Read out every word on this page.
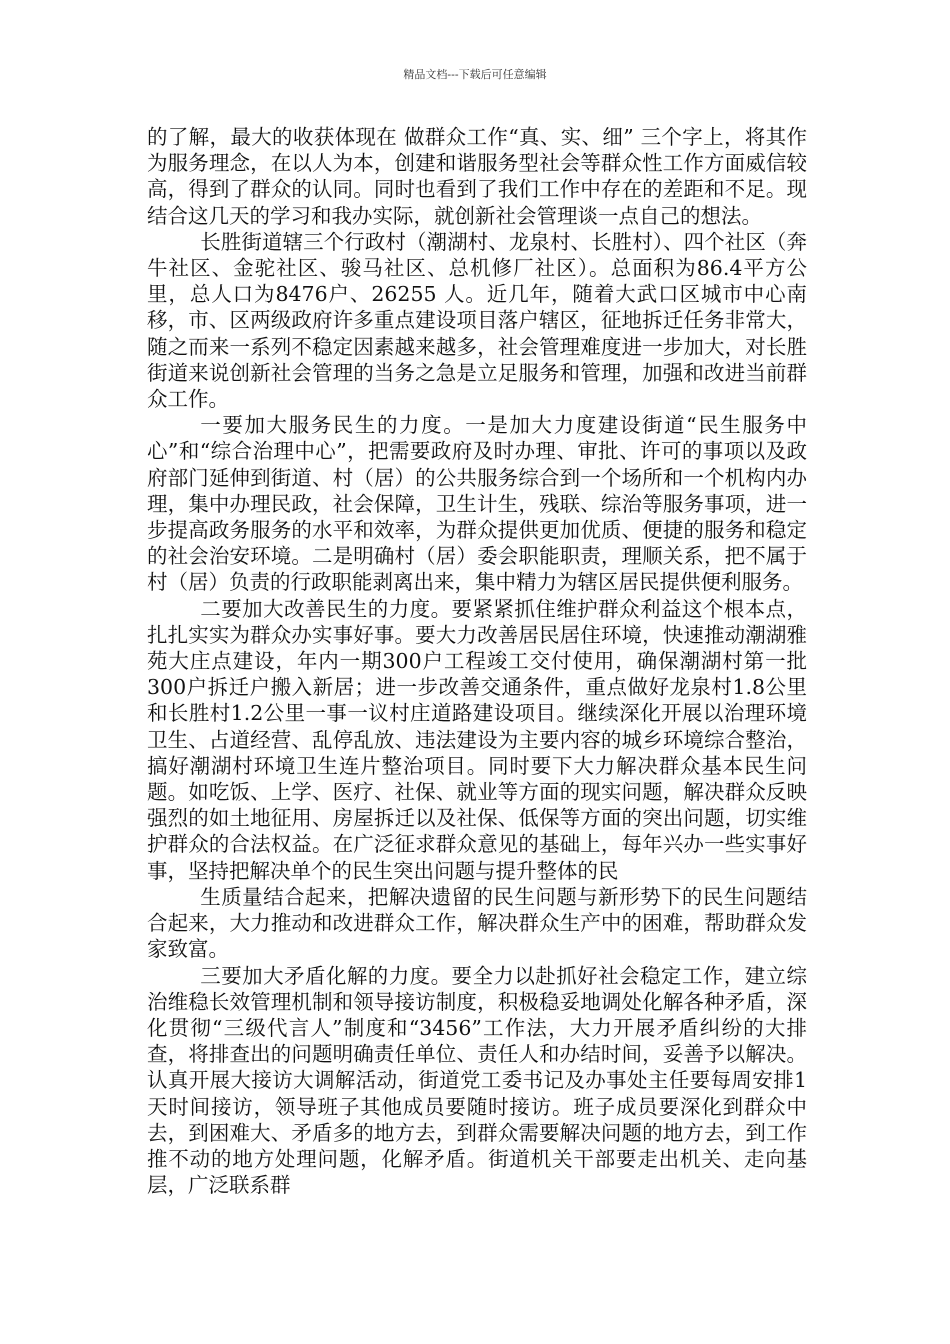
精品文档---下载后可任意编辑

的了解，最大的收获体现在 做群众工作“真、实、细” 三个字上，将其作为服务理念，在以人为本，创建和谐服务型社会等群众性工作方面威信较高，得到了群众的认同。同时也看到了我们工作中存在的差距和不足。现结合这几天的学习和我办实际，就创新社会管理谈一点自己的想法。

长胜街道辖三个行政村（潮湖村、龙泉村、长胜村）、四个社区（奔牛社区、金驼社区、骏马社区、总机修厂社区）。总面积为86.4平方公里，总人口为8476户、26255 人。近几年，随着大武口区城市中心南移，市、区两级政府许多重点建设项目落户辖区，征地拆迁任务非常大，随之而来一系列不稳定因素越来越多，社会管理难度进一步加大，对长胜街道来说创新社会管理的当务之急是立足服务和管理，加强和改进当前群众工作。

一要加大服务民生的力度。一是加大力度建设街道“民生服务中心”和“综合治理中心”，把需要政府及时办理、审批、许可的事项以及政府部门延伸到街道、村（居）的公共服务综合到一个场所和一个机构内办理，集中办理民政，社会保障，卫生计生，残联、综治等服务事项，进一步提高政务服务的水平和效率，为群众提供更加优质、便捷的服务和稳定的社会治安环境。二是明确村（居）委会职能职责，理顺关系，把不属于村（居）负责的行政职能剥离出来，集中精力为辖区居民提供便利服务。

二要加大改善民生的力度。要紧紧抓住维护群众利益这个根本点，扎扎实实为群众办实事好事。要大力改善居民居住环境，快速推动潮湖雅苑大庄点建设，年内一期300户工程竣工交付使用，确保潮湖村第一批300户拆迁户搬入新居；进一步改善交通条件，重点做好龙泉村1.8公里和长胜村1.2公里一事一议村庄道路建设项目。继续深化开展以治理环境卫生、占道经营、乱停乱放、违法建设为主要内容的城乡环境综合整治，搞好潮湖村环境卫生连片整治项目。同时要下大力解决群众基本民生问题。如吃饭、上学、医疗、社保、就业等方面的现实问题，解决群众反映强烈的如土地征用、房屋拆迁以及社保、低保等方面的突出问题，切实维护群众的合法权益。在广泛征求群众意见的基础上，每年兴办一些实事好事，坚持把解决单个的民生突出问题与提升整体的民

生质量结合起来，把解决遗留的民生问题与新形势下的民生问题结合起来，大力推动和改进群众工作，解决群众生产中的困难，帮助群众发家致富。

三要加大矛盾化解的力度。要全力以赴抓好社会稳定工作，建立综治维稳长效管理机制和领导接访制度，积极稳妥地调处化解各种矛盾，深化贯彻“三级代言人”制度和“3456”工作法，大力开展矛盾纠纷的大排查，将排查出的问题明确责任单位、责任人和办结时间，妥善予以解决。认真开展大接访大调解活动，街道党工委书记及办事处主任要每周安排1天时间接访，领导班子其他成员要随时接访。班子成员要深化到群众中去，到困难大、矛盾多的地方去，到群众需要解决问题的地方去，到工作推不动的地方处理问题，化解矛盾。街道机关干部要走出机关、走向基层，广泛联系群
